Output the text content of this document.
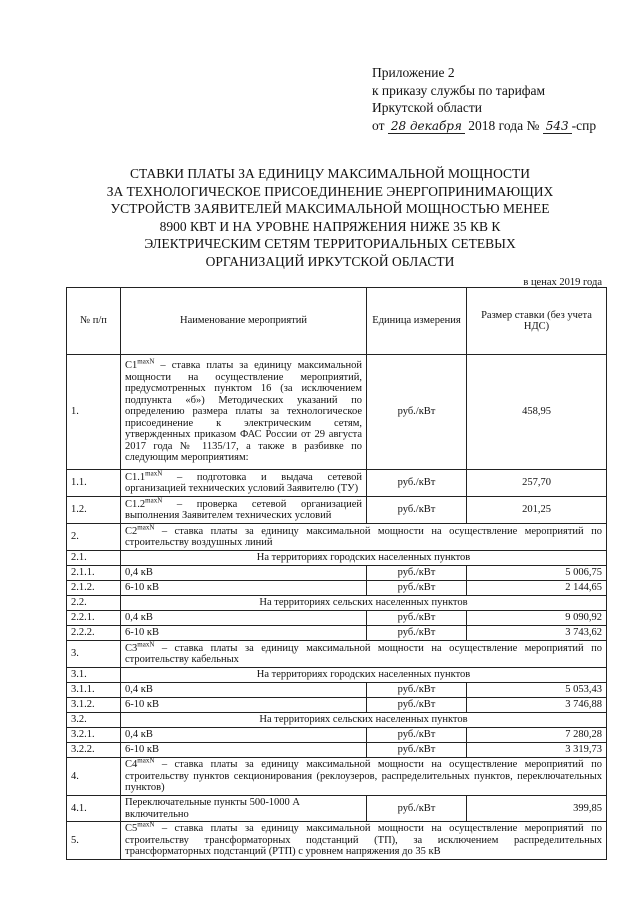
Приложение 2
к приказу службы по тарифам
Иркутской области
от 28 декабря 2018 года № 543 -спр
СТАВКИ ПЛАТЫ ЗА ЕДИНИЦУ МАКСИМАЛЬНОЙ МОЩНОСТИ
ЗА ТЕХНОЛОГИЧЕСКОЕ ПРИСОЕДИНЕНИЕ ЭНЕРГОПРИНИМАЮЩИХ
УСТРОЙСТВ ЗАЯВИТЕЛЕЙ МАКСИМАЛЬНОЙ МОЩНОСТЬЮ МЕНЕЕ
8900 КВТ И НА УРОВНЕ НАПРЯЖЕНИЯ НИЖЕ 35 КВ К
ЭЛЕКТРИЧЕСКИМ СЕТЯМ ТЕРРИТОРИАЛЬНЫХ СЕТЕВЫХ
ОРГАНИЗАЦИЙ ИРКУТСКОЙ ОБЛАСТИ
в ценах 2019 года
№ п/п	Наименование мероприятий	Единица измерения	Размер ставки (без учета НДС)
1.	$C1^{maxN}$ – ставка платы за единицу максимальной мощности на осуществление мероприятий, предусмотренных пунктом 16 (за исключением подпункта «б») Методических указаний по определению размера платы за технологическое присоединение к электрическим сетям, утвержденных приказом ФАС России от 29 августа 2017 года № 1135/17, а также в разбивке по следующим мероприятиям:	руб./кВт	458,95
1.1.	$C1.1^{maxN}$ – подготовка и выдача сетевой организацией технических условий Заявителю (ТУ)	руб./кВт	257,70
1.2.	$C1.2^{maxN}$ – проверка сетевой организацией выполнения Заявителем технических условий	руб./кВт	201,25
2.	$C2^{maxN}$ – ставка платы за единицу максимальной мощности на осуществление мероприятий по строительству воздушных линий		
2.1.	На территориях городских населенных пунктов		
2.1.1.	0,4 кВ	руб./кВт	5 006,75
2.1.2.	6-10 кВ	руб./кВт	2 144,65
2.2.	На территориях сельских населенных пунктов		
2.2.1.	0,4 кВ	руб./кВт	9 090,92
2.2.2.	6-10 кВ	руб./кВт	3 743,62
3.	$C3^{maxN}$ – ставка платы за единицу максимальной мощности на осуществление мероприятий по строительству кабельных		
3.1.	На территориях городских населенных пунктов		
3.1.1.	0,4 кВ	руб./кВт	5 053,43
3.1.2.	6-10 кВ	руб./кВт	3 746,88
3.2.	На территориях сельских населенных пунктов		
3.2.1.	0,4 кВ	руб./кВт	7 280,28
3.2.2.	6-10 кВ	руб./кВт	3 319,73
4.	$C4^{maxN}$ – ставка платы за единицу максимальной мощности на осуществление мероприятий по строительству пунктов секционирования (реклоузеров, распределительных пунктов, переключательных пунктов)		
4.1.	Переключательные пункты 500-1000 А включительно	руб./кВт	399,85
5.	$C5^{maxN}$ – ставка платы за единицу максимальной мощности на осуществление мероприятий по строительству трансформаторных подстанций (ТП), за исключением распределительных трансформаторных подстанций (РТП) с уровнем напряжения до 35 кВ		
